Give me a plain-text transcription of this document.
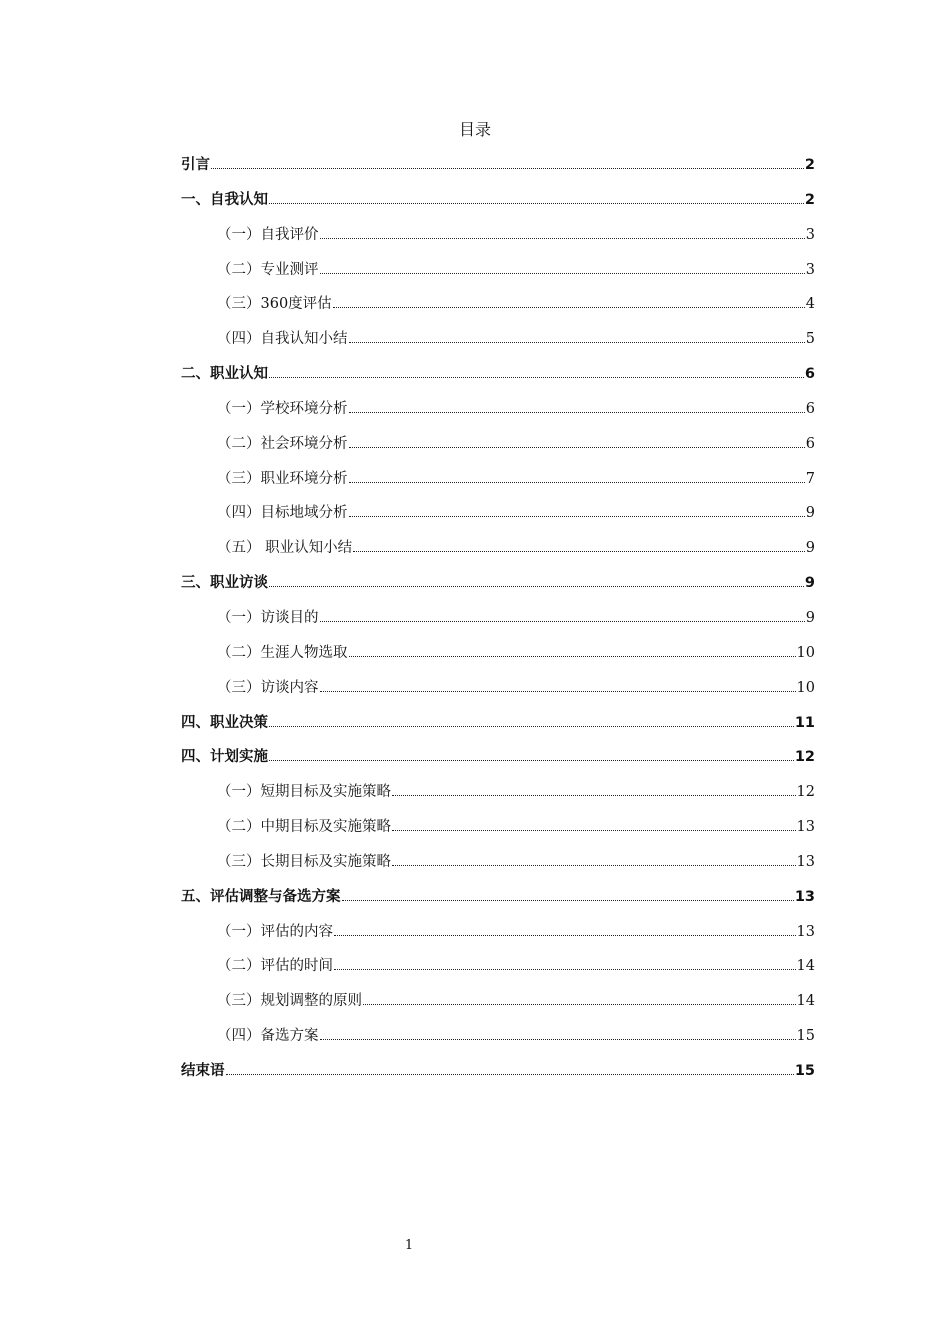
目录
引言	2
一、自我认知	2
（一）自我评价	3
（二）专业测评	3
（三）360度评估	4
（四）自我认知小结	5
二、职业认知	6
（一）学校环境分析	6
（二）社会环境分析	6
（三）职业环境分析	7
（四）目标地域分析	9
（五） 职业认知小结	9
三、职业访谈	9
（一）访谈目的	9
（二）生涯人物选取	10
（三）访谈内容	10
四、职业决策	11
四、计划实施	12
（一）短期目标及实施策略	12
（二）中期目标及实施策略	13
（三）长期目标及实施策略	13
五、评估调整与备选方案	13
（一）评估的内容	13
（二）评估的时间	14
（三）规划调整的原则	14
（四）备选方案	15
结束语	15
1
